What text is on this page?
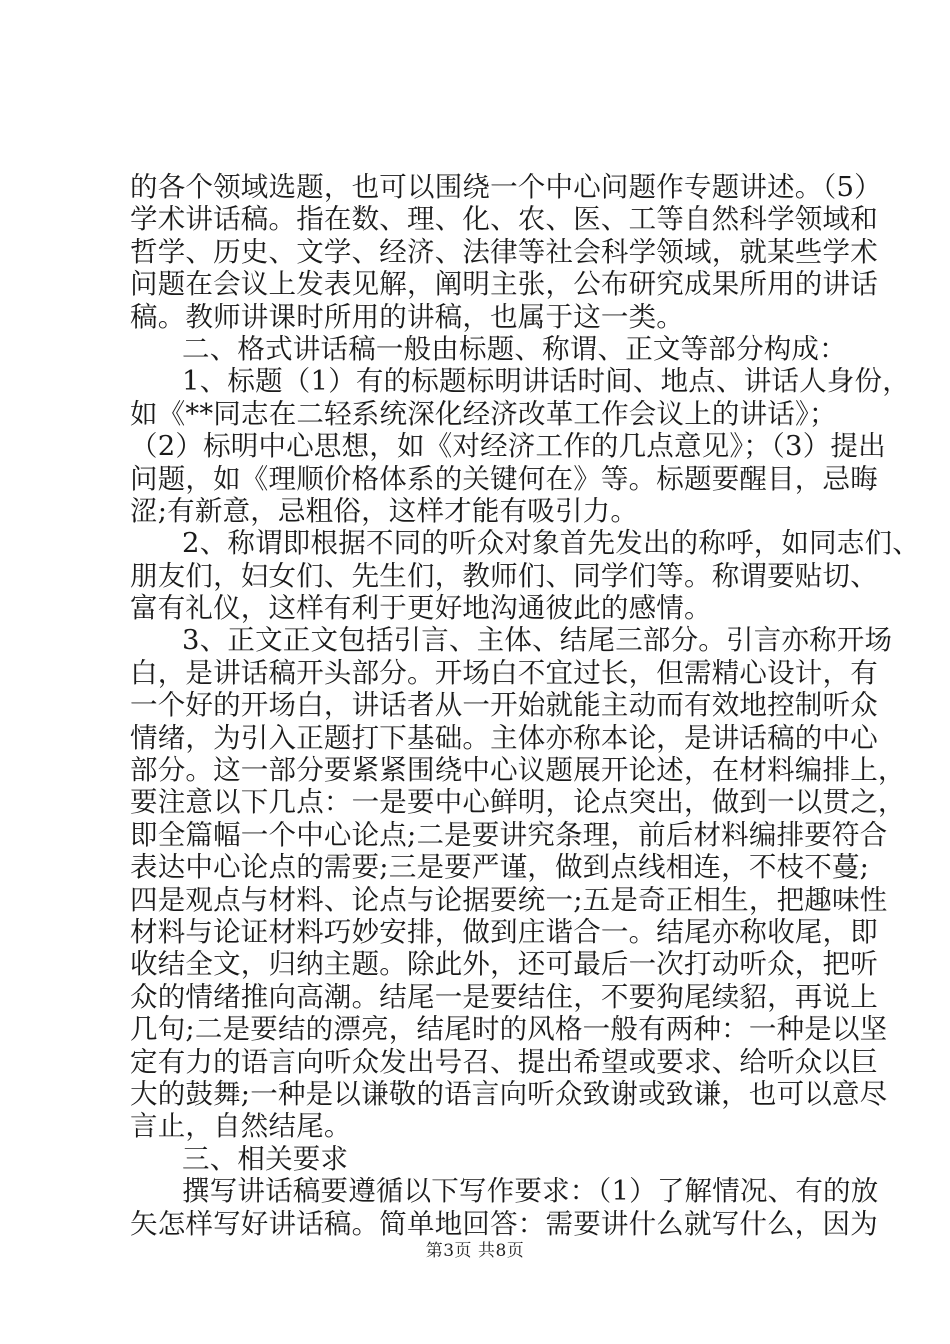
的各个领域选题，也可以围绕一个中心问题作专题讲述。（5）
学术讲话稿。指在数、理、化、农、医、工等自然科学领域和
哲学、历史、文学、经济、法律等社会科学领域，就某些学术
问题在会议上发表见解，阐明主张，公布研究成果所用的讲话
稿。教师讲课时所用的讲稿，也属于这一类。
二、格式讲话稿一般由标题、称谓、正文等部分构成：
1、标题（1）有的标题标明讲话时间、地点、讲话人身份，
如《**同志在二轻系统深化经济改革工作会议上的讲话》；
（2）标明中心思想，如《对经济工作的几点意见》；（3）提出
问题，如《理顺价格体系的关键何在》等。标题要醒目，忌晦
涩;有新意，忌粗俗，这样才能有吸引力。
2、称谓即根据不同的听众对象首先发出的称呼，如同志们、
朋友们，妇女们、先生们，教师们、同学们等。称谓要贴切、
富有礼仪，这样有利于更好地沟通彼此的感情。
3、正文正文包括引言、主体、结尾三部分。引言亦称开场
白，是讲话稿开头部分。开场白不宜过长，但需精心设计，有
一个好的开场白，讲话者从一开始就能主动而有效地控制听众
情绪，为引入正题打下基础。主体亦称本论，是讲话稿的中心
部分。这一部分要紧紧围绕中心议题展开论述，在材料编排上，
要注意以下几点：一是要中心鲜明，论点突出，做到一以贯之，
即全篇幅一个中心论点;二是要讲究条理，前后材料编排要符合
表达中心论点的需要;三是要严谨，做到点线相连，不枝不蔓;
四是观点与材料、论点与论据要统一;五是奇正相生，把趣味性
材料与论证材料巧妙安排，做到庄谐合一。结尾亦称收尾，即
收结全文，归纳主题。除此外，还可最后一次打动听众，把听
众的情绪推向高潮。结尾一是要结住，不要狗尾续貂，再说上
几句;二是要结的漂亮，结尾时的风格一般有两种：一种是以坚
定有力的语言向听众发出号召、提出希望或要求、给听众以巨
大的鼓舞;一种是以谦敬的语言向听众致谢或致谦，也可以意尽
言止，自然结尾。
三、相关要求
撰写讲话稿要遵循以下写作要求：（1）了解情况、有的放
矢怎样写好讲话稿。简单地回答：需要讲什么就写什么，因为
第3页 共8页
